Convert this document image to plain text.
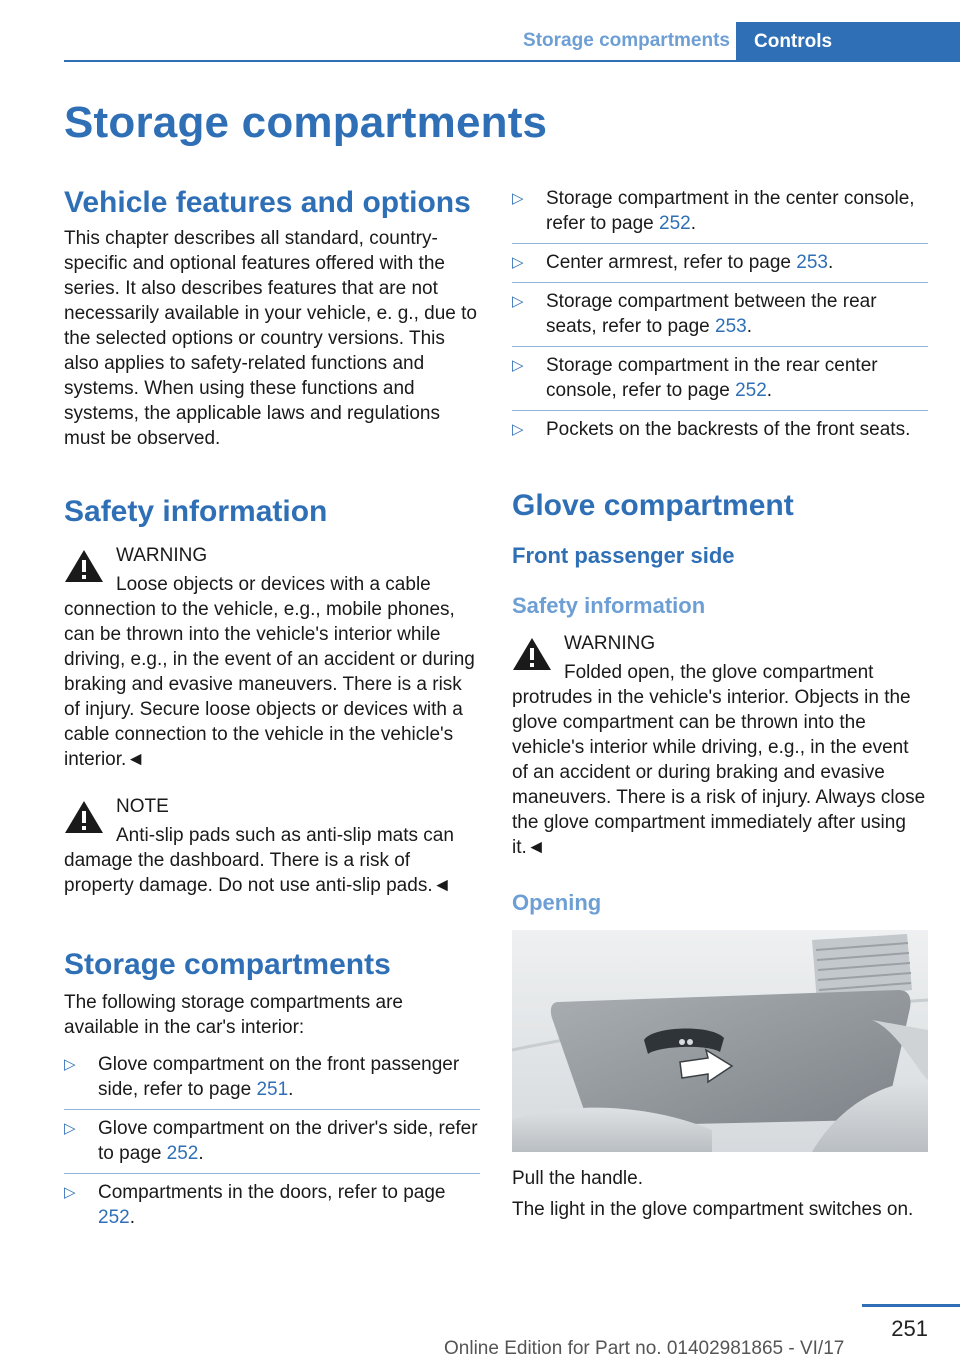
Storage compartments	Controls
Storage compartments
Vehicle features and options

This chapter describes all standard, country-specific and optional features offered with the series. It also describes features that are not necessarily available in your vehicle, e. g., due to the selected options or country versions. This also applies to safety-related functions and systems. When using these functions and systems, the applicable laws and regulations must be observed.

Safety information
WARNING
Loose objects or devices with a cable connection to the vehicle, e.g., mobile phones, can be thrown into the vehicle's interior while driving, e.g., in the event of an accident or during braking and evasive maneuvers. There is a risk of injury. Secure loose objects or devices with a cable connection to the vehicle in the vehicle's interior.◄
NOTE
Anti-slip pads such as anti-slip mats can damage the dashboard. There is a risk of property damage. Do not use anti-slip pads.◄
Storage compartments

The following storage compartments are available in the car's interior:

▷ Glove compartment on the front passenger side, refer to page 251.
▷ Glove compartment on the driver's side, refer to page 252.
▷ Compartments in the doors, refer to page 252.
▷ Storage compartment in the center console, refer to page 252.
▷ Center armrest, refer to page 253.
▷ Storage compartment between the rear seats, refer to page 253.
▷ Storage compartment in the rear center console, refer to page 252.
▷ Pockets on the backrests of the front seats.
Glove compartment
Front passenger side
Safety information
WARNING
Folded open, the glove compartment protrudes in the vehicle's interior. Objects in the glove compartment can be thrown into the vehicle's interior while driving, e.g., in the event of an accident or during braking and evasive maneuvers. There is a risk of injury. Always close the glove compartment immediately after using it.◄
Opening

Pull the handle.

The light in the glove compartment switches on.

251
Online Edition for Part no. 01402981865 - VI/17
